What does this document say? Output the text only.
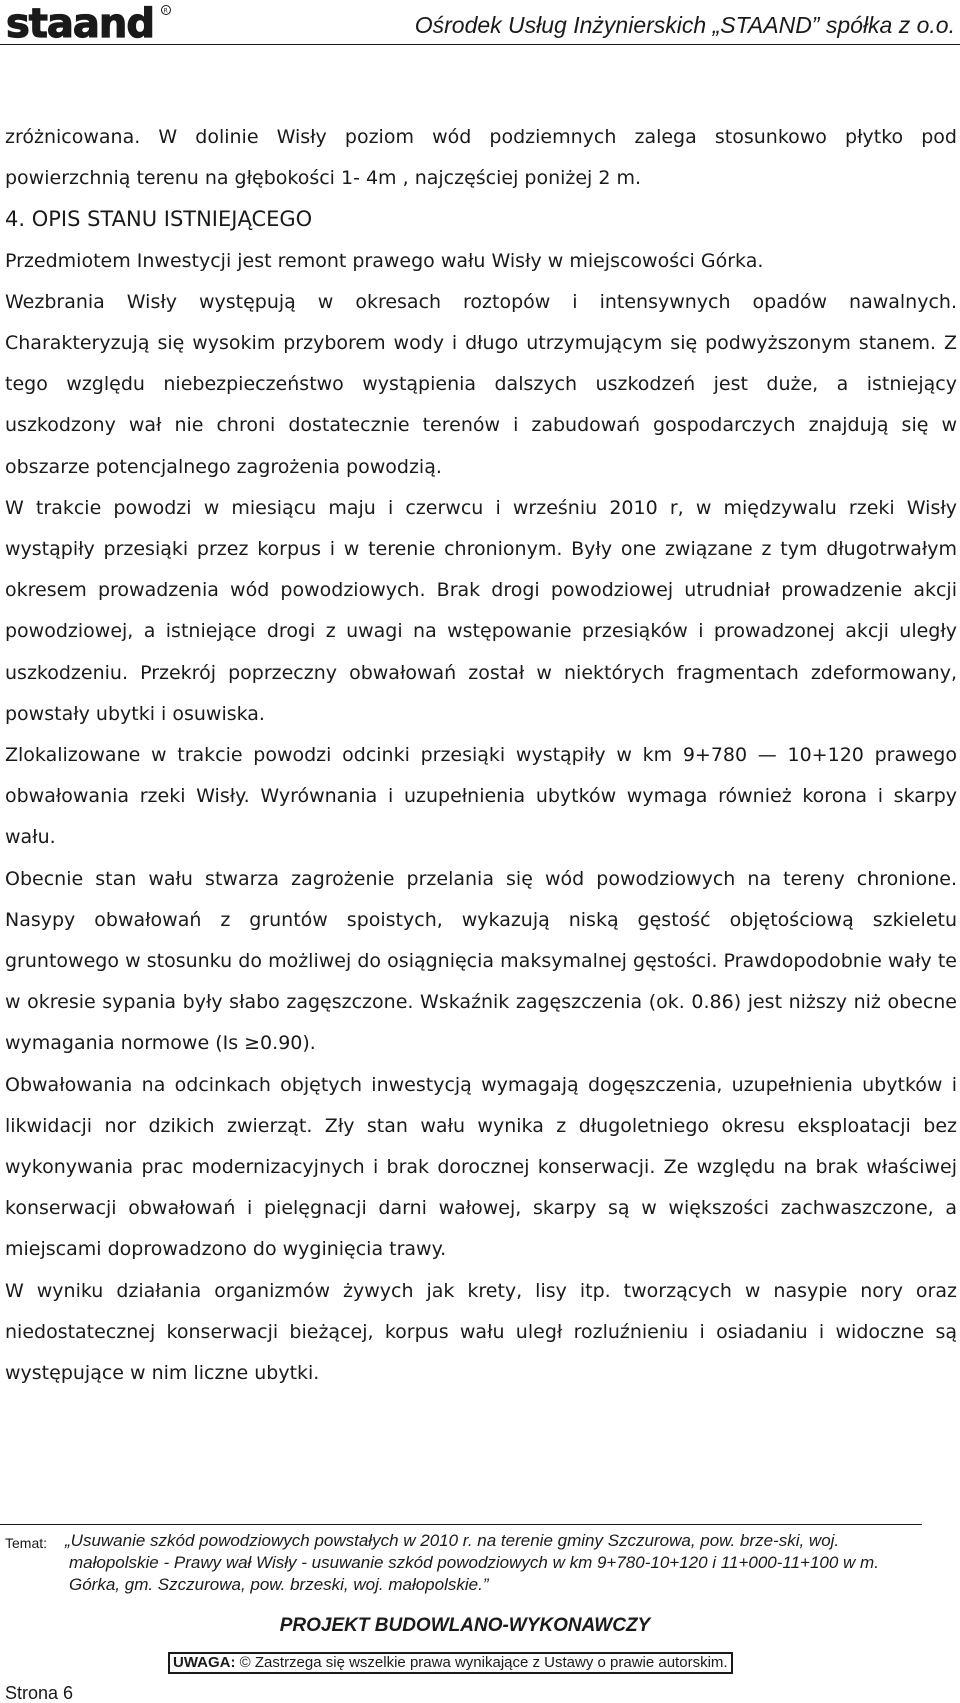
staand R
Ośrodek Usług Inżynierskich „STAAND” spółka z o.o.

zróżnicowana. W dolinie Wisły poziom wód podziemnych zalega stosunkowo płytko pod powierzchnią terenu na głębokości 1- 4m , najczęściej poniżej 2 m.

4. OPIS STANU ISTNIEJĄCEGO

Przedmiotem Inwestycji jest remont prawego wału Wisły w miejscowości Górka.

Wezbrania Wisły występują w okresach roztopów i intensywnych opadów nawalnych. Charakteryzują się wysokim przyborem wody i długo utrzymującym się podwyższonym stanem. Z tego względu niebezpieczeństwo wystąpienia dalszych uszkodzeń jest duże, a istniejący uszkodzony wał nie chroni dostatecznie terenów i zabudowań gospodarczych znajdują się w obszarze potencjalnego zagrożenia powodzią.

W trakcie powodzi w miesiącu maju i czerwcu i wrześniu 2010 r, w międzywalu rzeki Wisły wystąpiły przesiąki przez korpus i w terenie chronionym. Były one związane z tym długotrwałym okresem prowadzenia wód powodziowych. Brak drogi powodziowej utrudniał prowadzenie akcji powodziowej, a istniejące drogi z uwagi na wstępowanie przesiąków i prowadzonej akcji uległy uszkodzeniu. Przekrój poprzeczny obwałowań został w niektórych fragmentach zdeformowany, powstały ubytki i osuwiska.

Zlokalizowane w trakcie powodzi odcinki przesiąki wystąpiły w km 9+780 — 10+120 prawego obwałowania rzeki Wisły. Wyrównania i uzupełnienia ubytków wymaga również korona i skarpy wału.

Obecnie stan wału stwarza zagrożenie przelania się wód powodziowych na tereny chronione. Nasypy obwałowań z gruntów spoistych, wykazują niską gęstość objętościową szkieletu gruntowego w stosunku do możliwej do osiągnięcia maksymalnej gęstości. Prawdopodobnie wały te w okresie sypania były słabo zagęszczone. Wskaźnik zagęszczenia (ok. 0.86) jest niższy niż obecne wymagania normowe (Is ≥0.90).

Obwałowania na odcinkach objętych inwestycją wymagają dogęszczenia, uzupełnienia ubytków i likwidacji nor dzikich zwierząt. Zły stan wału wynika z długoletniego okresu eksploatacji bez wykonywania prac modernizacyjnych i brak dorocznej konserwacji. Ze względu na brak właściwej konserwacji obwałowań i pielęgnacji darni wałowej, skarpy są w większości zachwaszczone, a miejscami doprowadzono do wyginięcia trawy.

W wyniku działania organizmów żywych jak krety, lisy itp. tworzących w nasypie nory oraz niedostatecznej konserwacji bieżącej, korpus wału uległ rozluźnieniu i osiadaniu i widoczne są występujące w nim liczne ubytki.

Temat: „Usuwanie szkód powodziowych powstałych w 2010 r. na terenie gminy Szczurowa, pow. brze-ski, woj. małopolskie - Prawy wał Wisły - usuwanie szkód powodziowych w km 9+780-10+120 i 11+000-11+100 w m. Górka, gm. Szczurowa, pow. brzeski, woj. małopolskie.”
PROJEKT BUDOWLANO-WYKONAWCZY
UWAGA: © Zastrzega się wszelkie prawa wynikające z Ustawy o prawie autorskim.
Strona 6
